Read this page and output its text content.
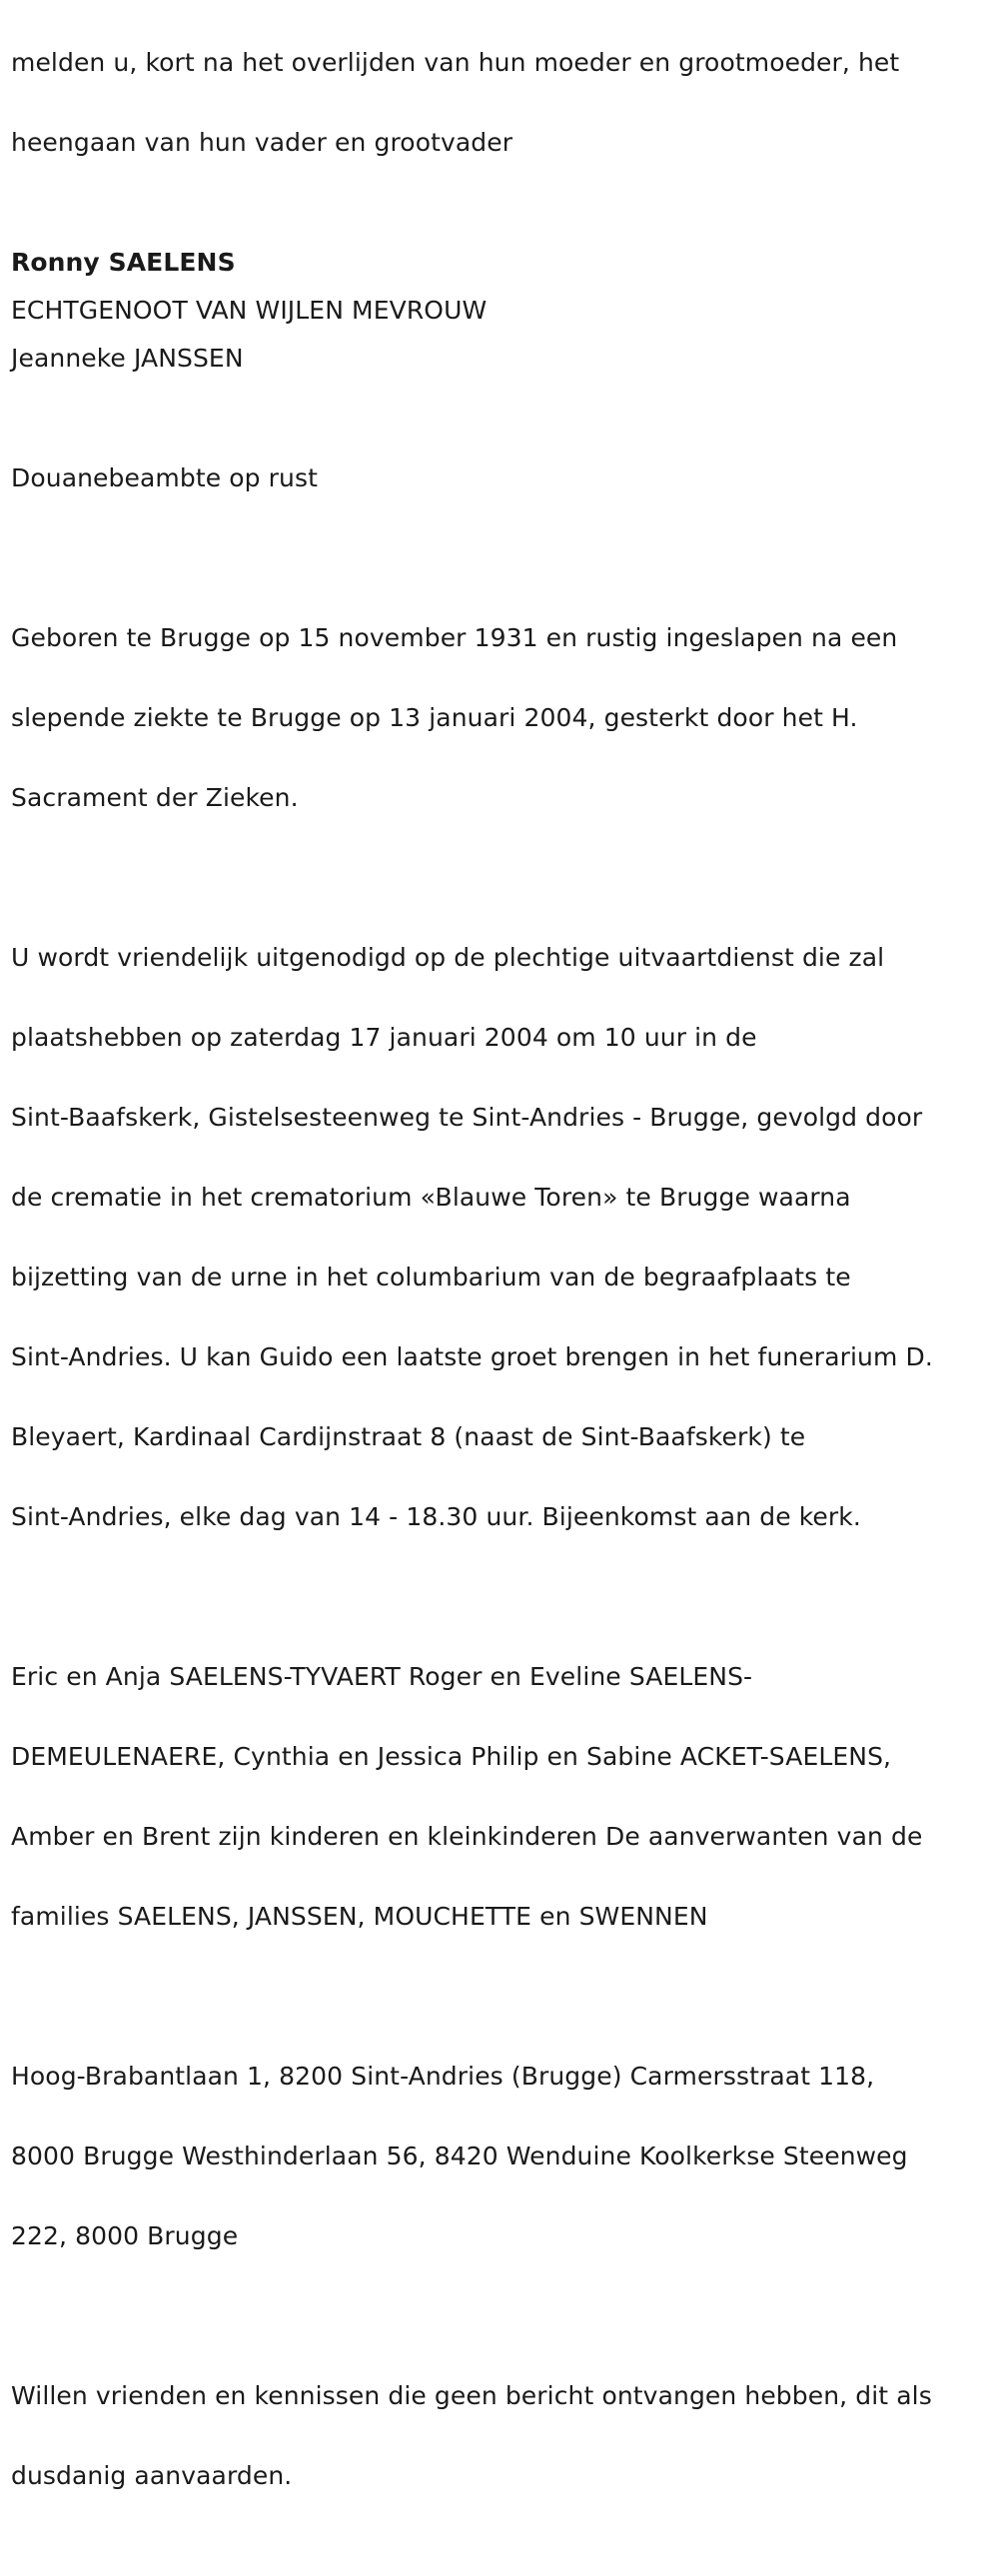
melden u, kort na het overlijden van hun moeder en grootmoeder, het

heengaan van hun vader en grootvader

Ronny SAELENS
ECHTGENOOT VAN WIJLEN MEVROUW
Jeanneke JANSSEN

Douanebeambte op rust

Geboren te Brugge op 15 november 1931 en rustig ingeslapen na een

slepende ziekte te Brugge op 13 januari 2004, gesterkt door het H.

Sacrament der Zieken.

U wordt vriendelijk uitgenodigd op de plechtige uitvaartdienst die zal

plaatshebben op zaterdag 17 januari 2004 om 10 uur in de

Sint-Baafskerk, Gistelsesteenweg te Sint-Andries - Brugge, gevolgd door

de crematie in het crematorium «Blauwe Toren» te Brugge waarna

bijzetting van de urne in het columbarium van de begraafplaats te

Sint-Andries. U kan Guido een laatste groet brengen in het funerarium D.

Bleyaert, Kardinaal Cardijnstraat 8 (naast de Sint-Baafskerk) te

Sint-Andries, elke dag van 14 - 18.30 uur. Bijeenkomst aan de kerk.

Eric en Anja SAELENS-TYVAERT Roger en Eveline SAELENS-

DEMEULENAERE, Cynthia en Jessica Philip en Sabine ACKET-SAELENS,

Amber en Brent zijn kinderen en kleinkinderen De aanverwanten van de

families SAELENS, JANSSEN, MOUCHETTE en SWENNEN

Hoog-Brabantlaan 1, 8200 Sint-Andries (Brugge) Carmersstraat 118,

8000 Brugge Westhinderlaan 56, 8420 Wenduine Koolkerkse Steenweg

222, 8000 Brugge

Willen vrienden en kennissen die geen bericht ontvangen hebben, dit als

dusdanig aanvaarden.
